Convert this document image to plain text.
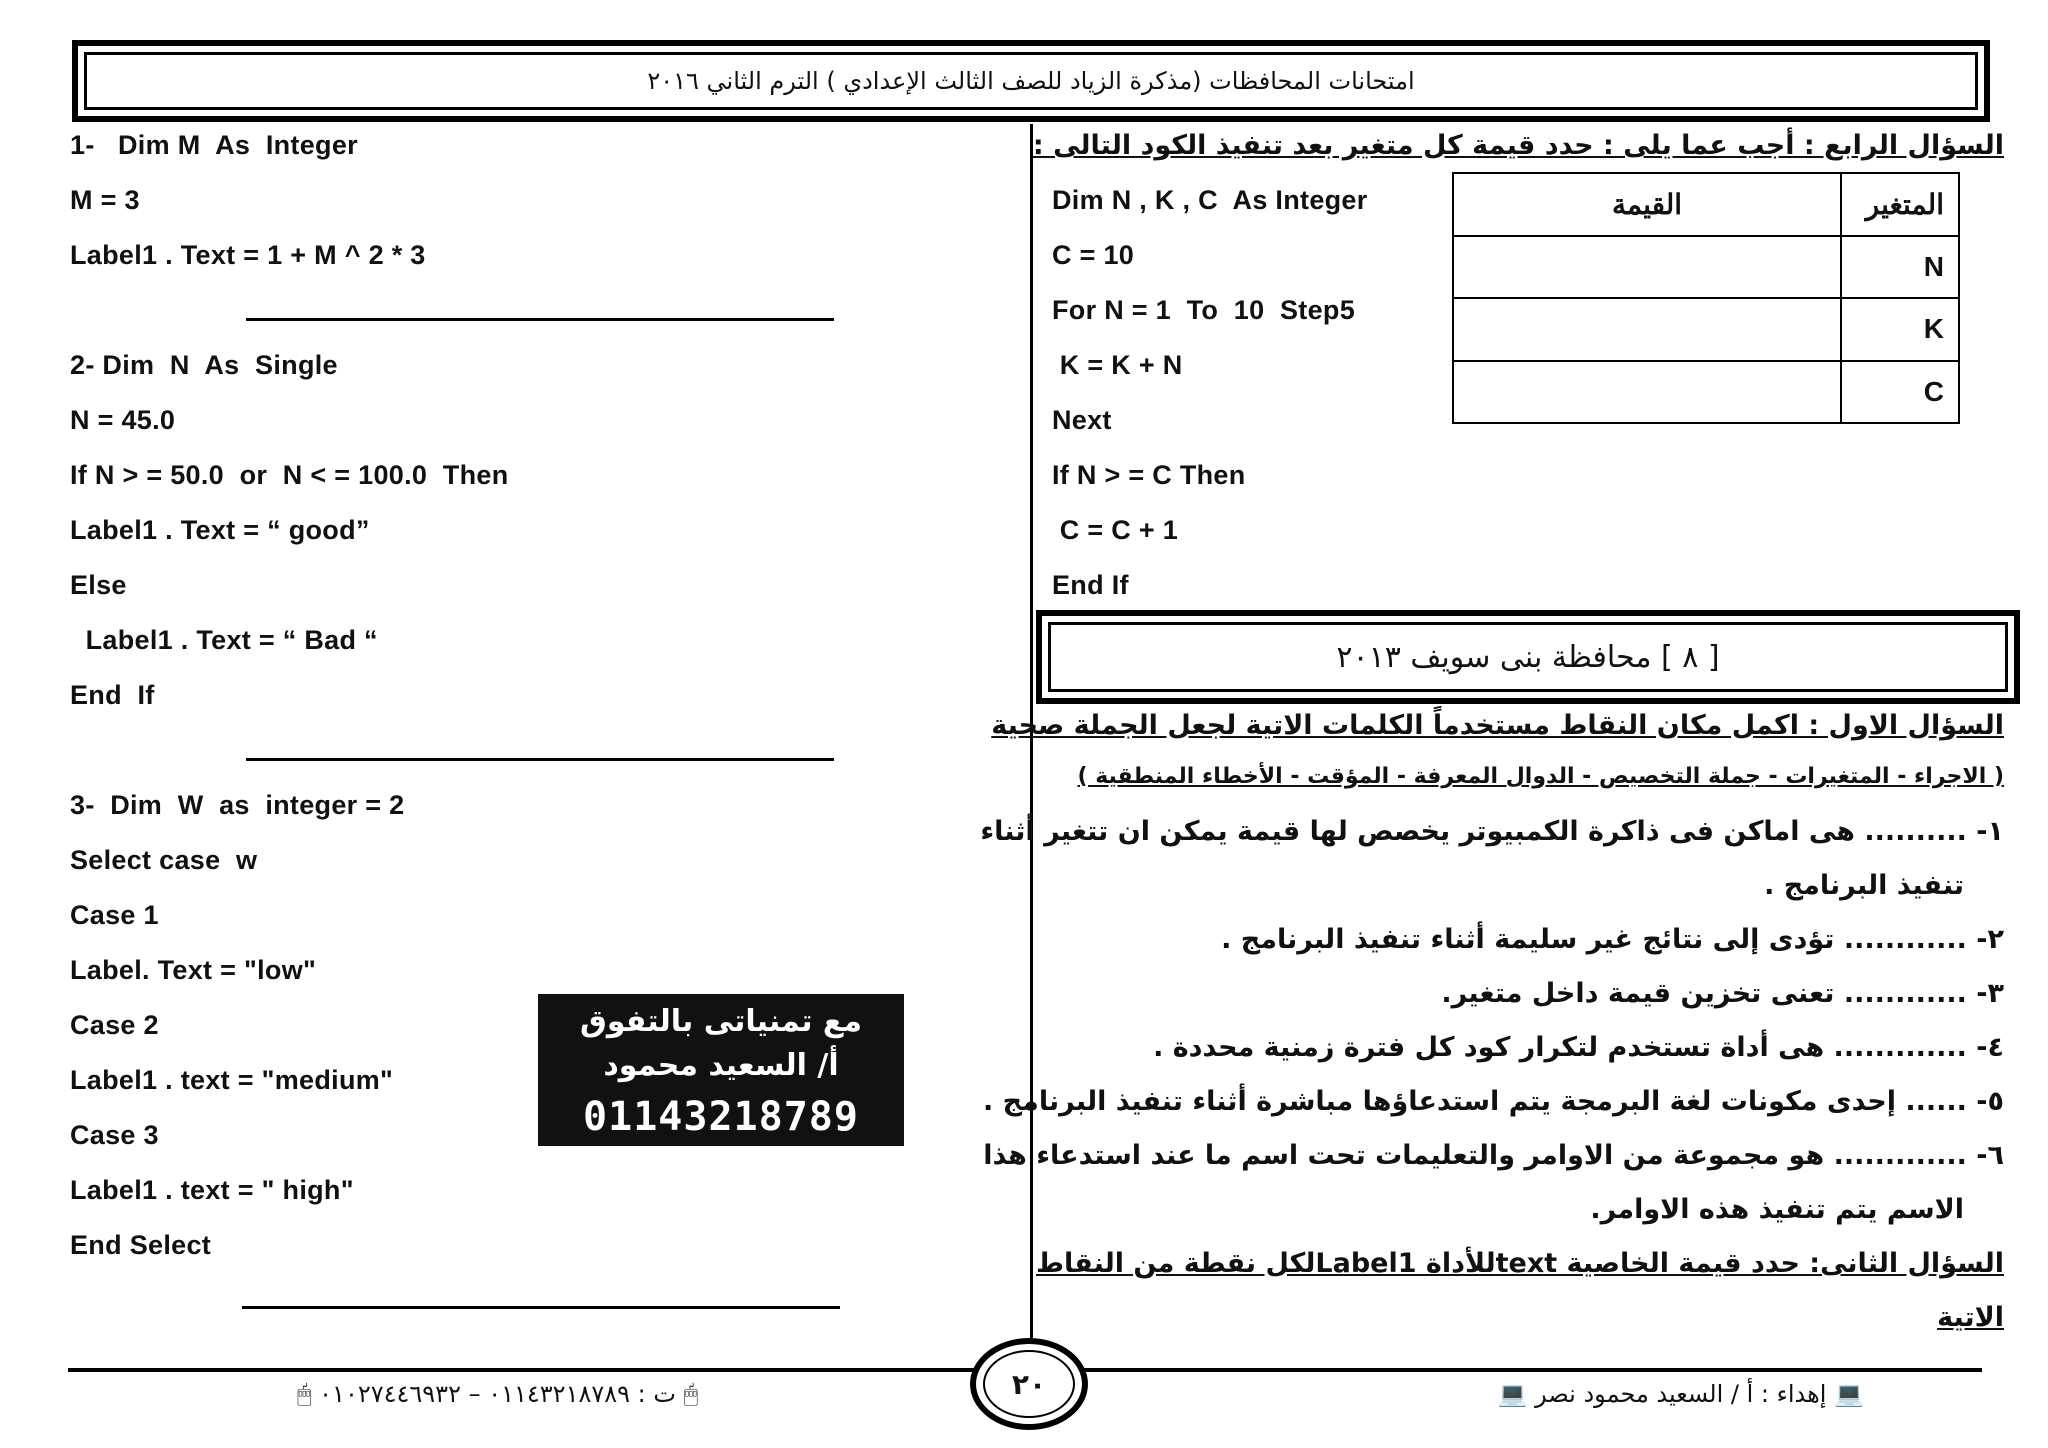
امتحانات المحافظات (مذكرة الزياد للصف الثالث الإعدادي ) الترم الثاني ٢٠١٦
1-   Dim M  As  Integer
M = 3
Label1 . Text = 1 + M ^ 2 * 3
2- Dim  N  As  Single
N = 45.0
If N > = 50.0  or  N < = 100.0  Then
Label1 . Text = “ good”
Else
Label1 . Text = “ Bad “
End  If
3-  Dim  W  as  integer = 2
Select case  w
Case 1
Label. Text = "low"
Case 2
Label1 . text = "medium"
Case 3
Label1 . text = " high"
End Select
مع تمنياتى بالتفوق
أ/ السعيد محمود
01143218789
السؤال الرابع : أجب عما يلى : حدد قيمة كل متغير بعد تنفيذ الكود التالى :
Dim N , K , C  As Integer
C = 10
For N = 1  To  10  Step5
K = K + N
Next
If N > = C Then
C = C + 1
End If
المتغير	القيمة
N	
K	
C	
[ ٨ ] محافظة بنى سويف ٢٠١٣
السؤال الاول : اكمل مكان النقاط مستخدماً الكلمات الاتية لجعل الجملة صحية
( الاجراء - المتغيرات - جملة التخصيص - الدوال المعرفة - المؤقت - الأخطاء المنطقية )
١- .......... هى اماكن فى ذاكرة الكمبيوتر يخصص لها قيمة يمكن ان تتغير أثناء
تنفيذ البرنامج .
٢- ............ تؤدى إلى نتائج غير سليمة أثناء تنفيذ البرنامج .
٣- ............ تعنى تخزين قيمة داخل متغير.
٤- ............. هى أداة تستخدم لتكرار كود كل فترة زمنية محددة .
٥- ...... إحدى مكونات لغة البرمجة يتم استدعاؤها مباشرة أثناء تنفيذ البرنامج .
٦- ............. هو مجموعة من الاوامر والتعليمات تحت اسم ما عند استدعاء هذا
الاسم يتم تنفيذ هذه الاوامر.
السؤال الثانى: حدد قيمة الخاصية textللأداة Label1لكل نقطة من النقاط
الاتية
٢٠	💻 إهداء : أ / السعيد محمود نصر 💻
🖱 ت : ٠١١٤٣٢١٨٧٨٩ – ٠١٠٢٧٤٤٦٩٣٢ 🖱
